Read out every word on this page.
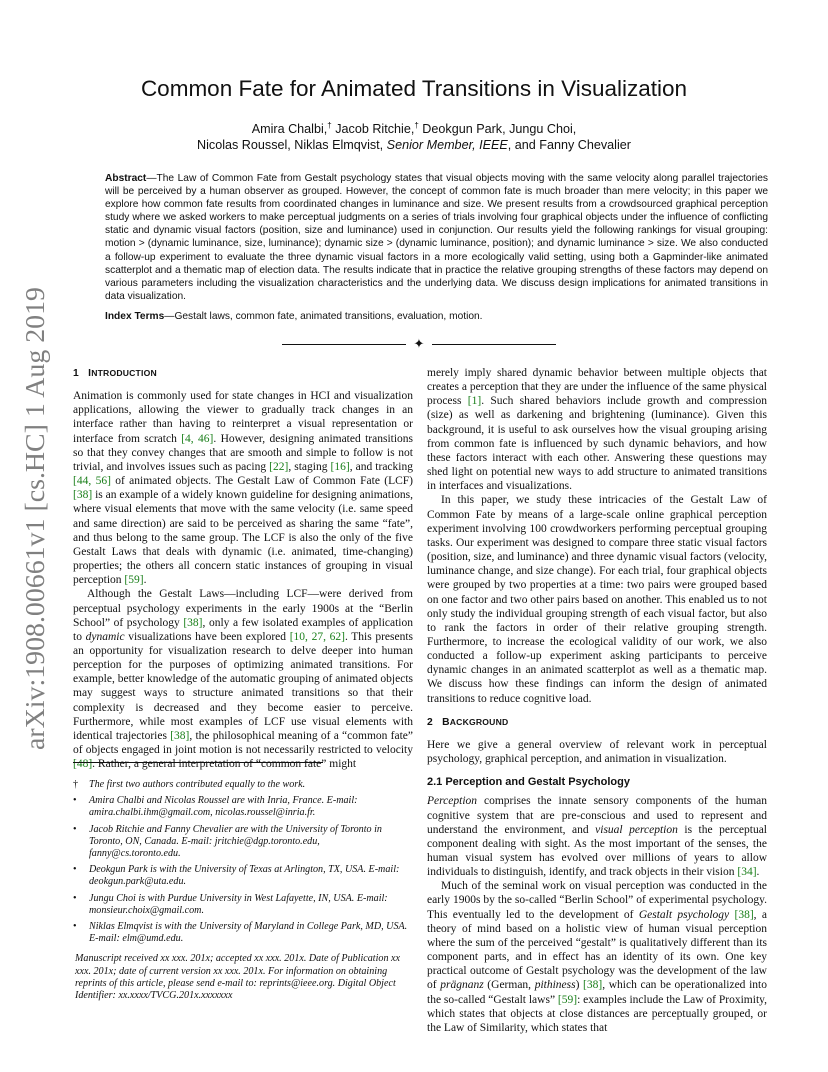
arXiv:1908.00661v1 [cs.HC] 1 Aug 2019
Common Fate for Animated Transitions in Visualization
Amira Chalbi,† Jacob Ritchie,† Deokgun Park, Jungu Choi,
Nicolas Roussel, Niklas Elmqvist, Senior Member, IEEE, and Fanny Chevalier

Abstract—The Law of Common Fate from Gestalt psychology states that visual objects moving with the same velocity along parallel trajectories will be perceived by a human observer as grouped. However, the concept of common fate is much broader than mere velocity; in this paper we explore how common fate results from coordinated changes in luminance and size. We present results from a crowdsourced graphical perception study where we asked workers to make perceptual judgments on a series of trials involving four graphical objects under the influence of conflicting static and dynamic visual factors (position, size and luminance) used in conjunction. Our results yield the following rankings for visual grouping: motion > (dynamic luminance, size, luminance); dynamic size > (dynamic luminance, position); and dynamic luminance > size. We also conducted a follow-up experiment to evaluate the three dynamic visual factors in a more ecologically valid setting, using both a Gapminder-like animated scatterplot and a thematic map of election data. The results indicate that in practice the relative grouping strengths of these factors may depend on various parameters including the visualization characteristics and the underlying data. We discuss design implications for animated transitions in data visualization.

Index Terms—Gestalt laws, common fate, animated transitions, evaluation, motion.

✦
1 INTRODUCTION

Animation is commonly used for state changes in HCI and visualization applications, allowing the viewer to gradually track changes in an interface rather than having to reinterpret a visual representation or interface from scratch [4, 46]. However, designing animated transitions so that they convey changes that are smooth and simple to follow is not trivial, and involves issues such as pacing [22], staging [16], and tracking [44, 56] of animated objects. The Gestalt Law of Common Fate (LCF) [38] is an example of a widely known guideline for designing animations, where visual elements that move with the same velocity (i.e. same speed and same direction) are said to be perceived as sharing the same “fate”, and thus belong to the same group. The LCF is also the only of the five Gestalt Laws that deals with dynamic (i.e. animated, time-changing) properties; the others all concern static instances of grouping in visual perception [59].

Although the Gestalt Laws—including LCF—were derived from perceptual psychology experiments in the early 1900s at the “Berlin School” of psychology [38], only a few isolated examples of application to dynamic visualizations have been explored [10, 27, 62]. This presents an opportunity for visualization research to delve deeper into human perception for the purposes of optimizing animated transitions. For example, better knowledge of the automatic grouping of animated objects may suggest ways to structure animated transitions so that their complexity is decreased and they become easier to perceive. Furthermore, while most examples of LCF use visual elements with identical trajectories [38], the philosophical meaning of a “common fate” of objects engaged in joint motion is not necessarily restricted to velocity [48]. Rather, a general interpretation of “common fate” might

merely imply shared dynamic behavior between multiple objects that creates a perception that they are under the influence of the same physical process [1]. Such shared behaviors include growth and compression (size) as well as darkening and brightening (luminance). Given this background, it is useful to ask ourselves how the visual grouping arising from common fate is influenced by such dynamic behaviors, and how these factors interact with each other. Answering these questions may shed light on potential new ways to add structure to animated transitions in interfaces and visualizations.

In this paper, we study these intricacies of the Gestalt Law of Common Fate by means of a large-scale online graphical perception experiment involving 100 crowdworkers performing perceptual grouping tasks. Our experiment was designed to compare three static visual factors (position, size, and luminance) and three dynamic visual factors (velocity, luminance change, and size change). For each trial, four graphical objects were grouped by two properties at a time: two pairs were grouped based on one factor and two other pairs based on another. This enabled us to not only study the individual grouping strength of each visual factor, but also to rank the factors in order of their relative grouping strength. Furthermore, to increase the ecological validity of our work, we also conducted a follow-up experiment asking participants to perceive dynamic changes in an animated scatterplot as well as a thematic map. We discuss how these findings can inform the design of animated transitions to reduce cognitive load.

2 BACKGROUND

Here we give a general overview of relevant work in perceptual psychology, graphical perception, and animation in visualization.

2.1 Perception and Gestalt Psychology

Perception comprises the innate sensory components of the human cognitive system that are pre-conscious and used to represent and understand the environment, and visual perception is the perceptual component dealing with sight. As the most important of the senses, the human visual system has evolved over millions of years to allow individuals to distinguish, identify, and track objects in their vision [34].

Much of the seminal work on visual perception was conducted in the early 1900s by the so-called “Berlin School” of experimental psychology. This eventually led to the development of Gestalt psychology [38], a theory of mind based on a holistic view of human visual perception where the sum of the perceived “gestalt” is qualitatively different than its component parts, and in effect has an identity of its own. One key practical outcome of Gestalt psychology was the development of the law of prägnanz (German, pithiness) [38], which can be operationalized into the so-called “Gestalt laws” [59]: examples include the Law of Proximity, which states that objects at close distances are perceptually grouped, or the Law of Similarity, which states that

† The first two authors contributed equally to the work.
• Amira Chalbi and Nicolas Roussel are with Inria, France. E-mail: amira.chalbi.ihm@gmail.com, nicolas.roussel@inria.fr.
• Jacob Ritchie and Fanny Chevalier are with the University of Toronto in Toronto, ON, Canada. E-mail: jritchie@dgp.toronto.edu, fanny@cs.toronto.edu.
• Deokgun Park is with the University of Texas at Arlington, TX, USA. E-mail: deokgun.park@uta.edu.
• Jungu Choi is with Purdue University in West Lafayette, IN, USA. E-mail: monsieur.choix@gmail.com.
• Niklas Elmqvist is with the University of Maryland in College Park, MD, USA. E-mail: elm@umd.edu.
Manuscript received xx xxx. 201x; accepted xx xxx. 201x. Date of Publication xx xxx. 201x; date of current version xx xxx. 201x. For information on obtaining reprints of this article, please send e-mail to: reprints@ieee.org. Digital Object Identifier: xx.xxxx/TVCG.201x.xxxxxxx
